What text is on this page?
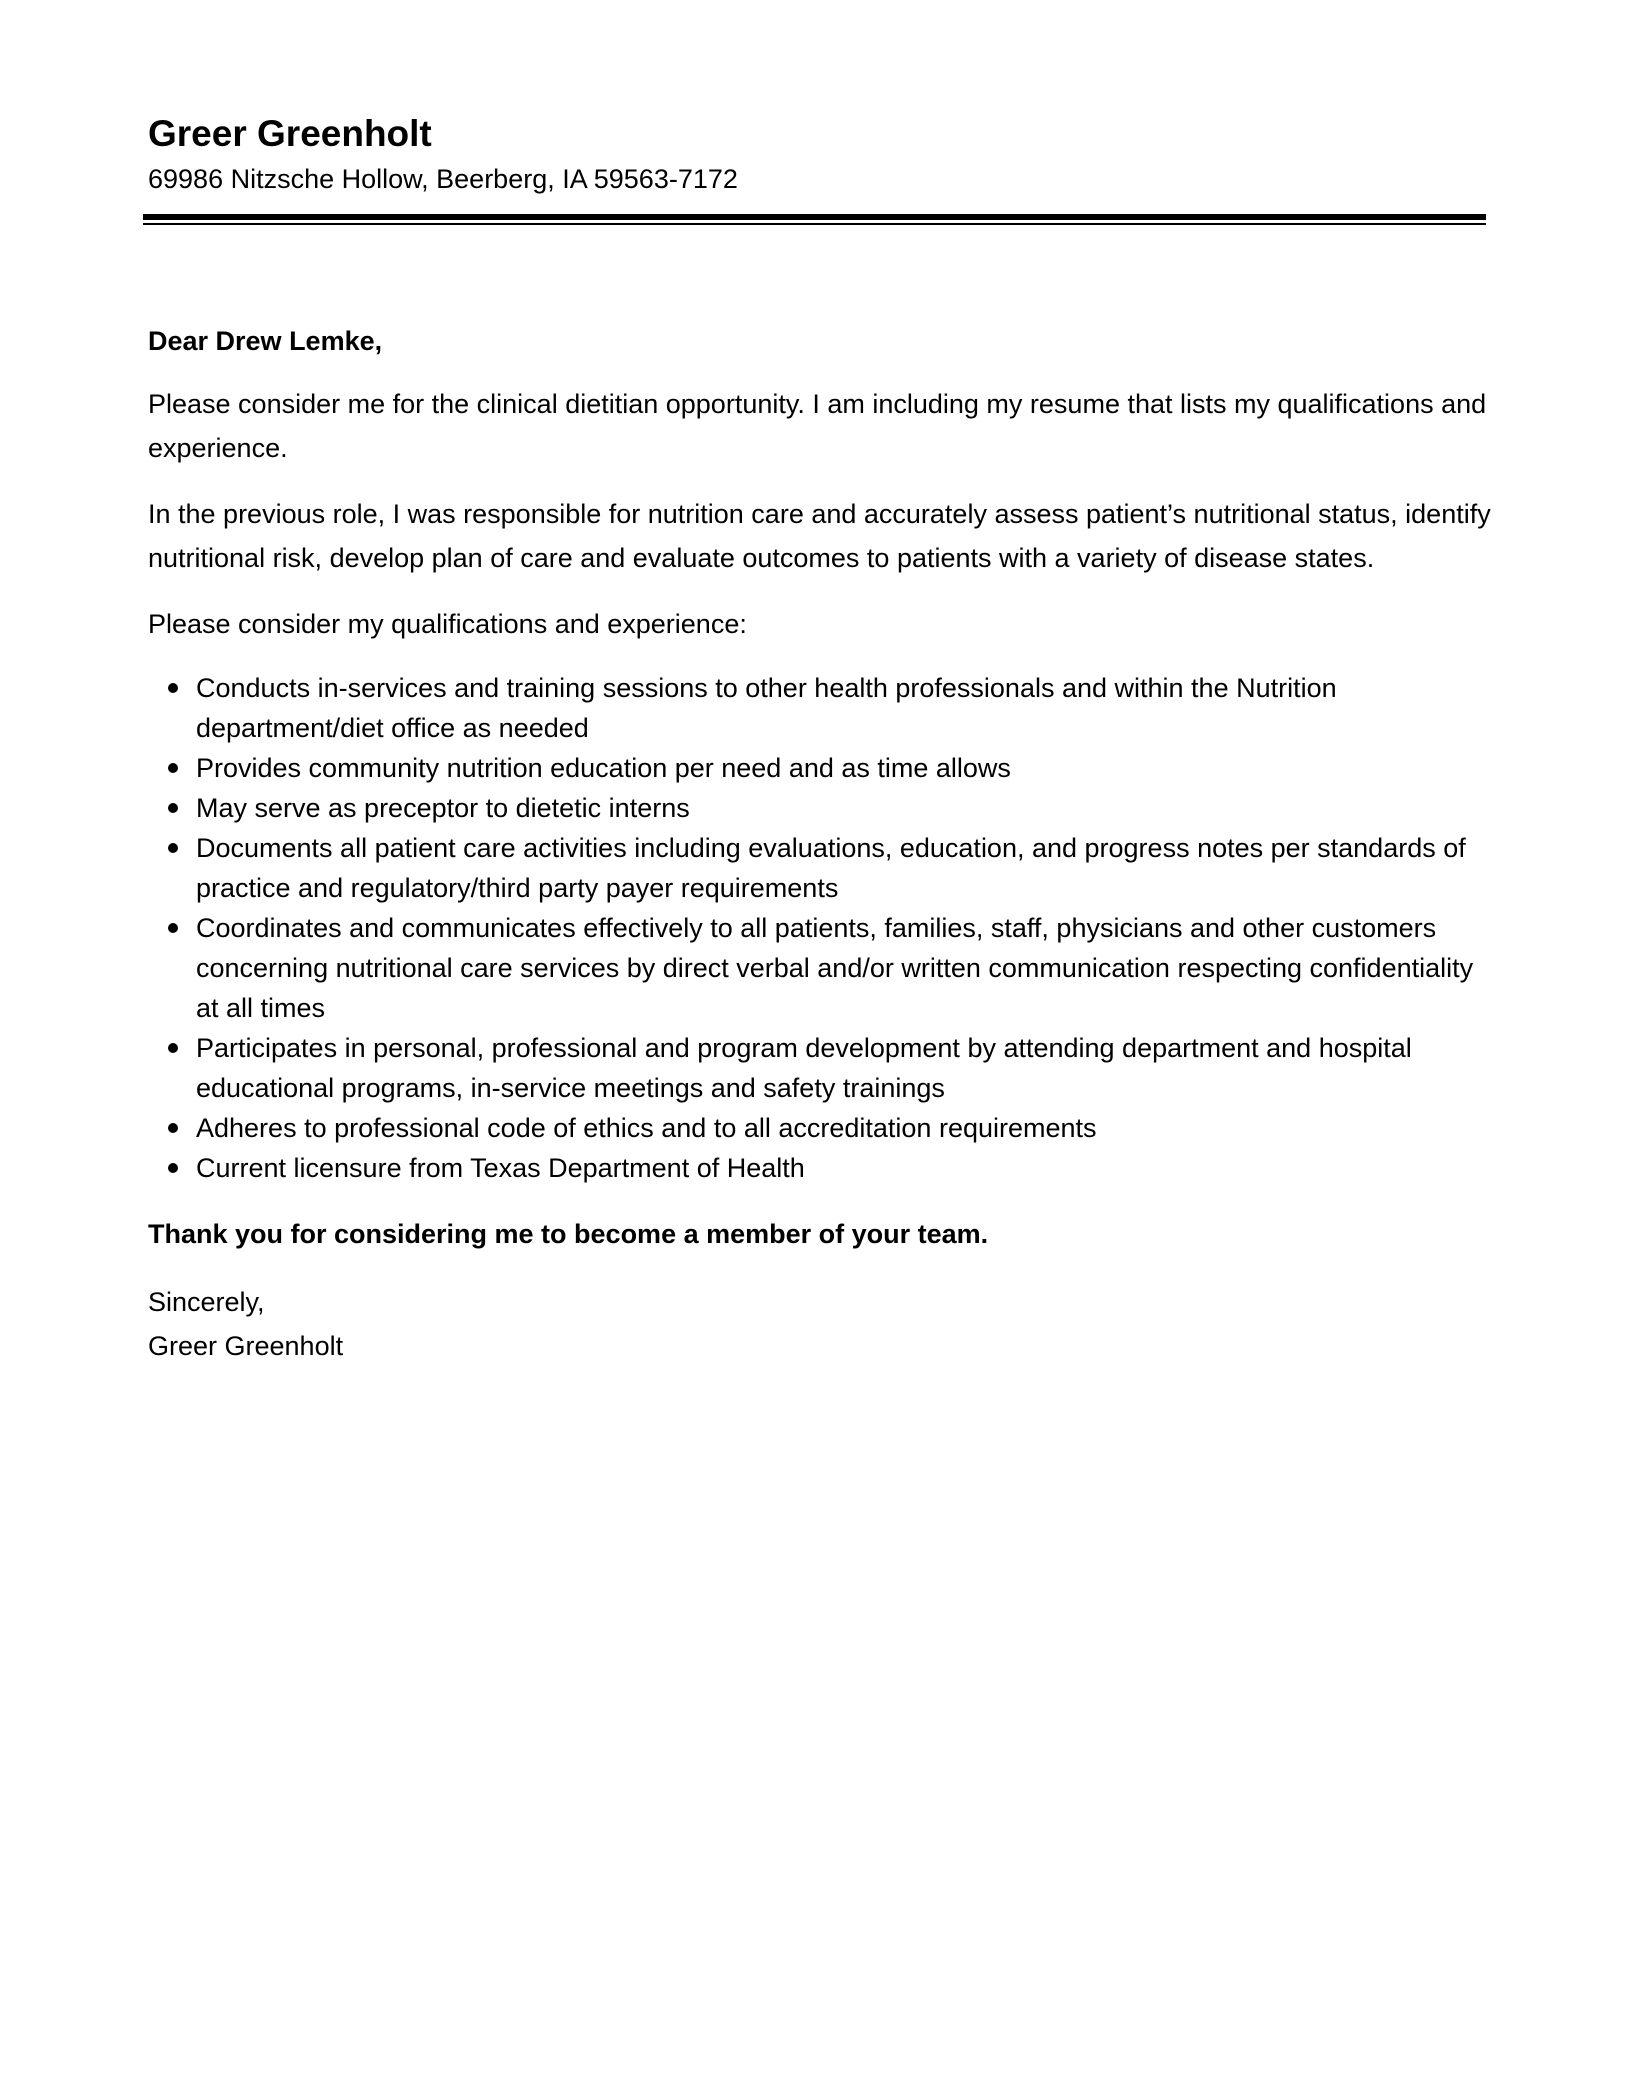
Greer Greenholt

69986 Nitzsche Hollow, Beerberg, IA 59563-7172

Dear Drew Lemke,

Please consider me for the clinical dietitian opportunity. I am including my resume that lists my qualifications and experience.

In the previous role, I was responsible for nutrition care and accurately assess patient’s nutritional status, identify nutritional risk, develop plan of care and evaluate outcomes to patients with a variety of disease states.

Please consider my qualifications and experience:

Conducts in-services and training sessions to other health professionals and within the Nutrition department/diet office as needed
Provides community nutrition education per need and as time allows
May serve as preceptor to dietetic interns
Documents all patient care activities including evaluations, education, and progress notes per standards of practice and regulatory/third party payer requirements
Coordinates and communicates effectively to all patients, families, staff, physicians and other customers concerning nutritional care services by direct verbal and/or written communication respecting confidentiality at all times
Participates in personal, professional and program development by attending department and hospital educational programs, in-service meetings and safety trainings
Adheres to professional code of ethics and to all accreditation requirements
Current licensure from Texas Department of Health

Thank you for considering me to become a member of your team.

Sincerely,

Greer Greenholt
